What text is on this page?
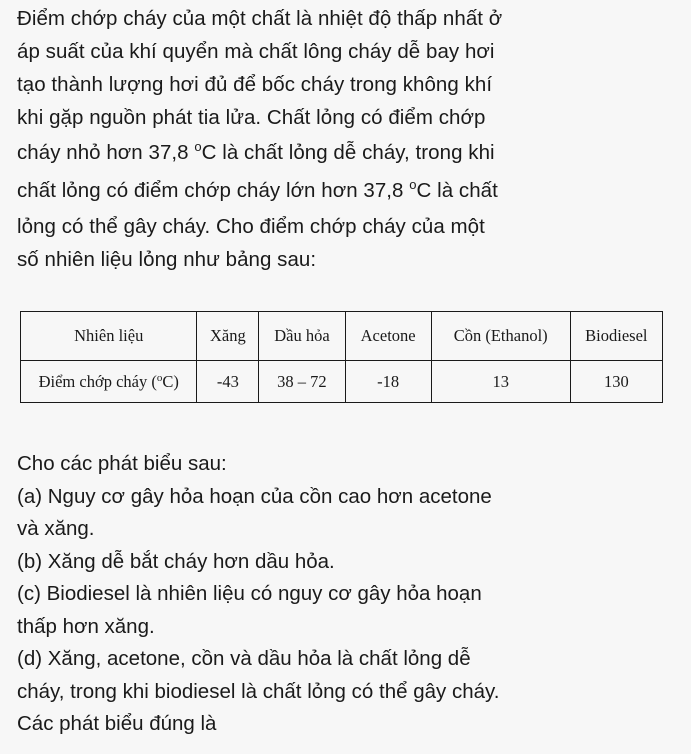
Điểm chớp cháy của một chất là nhiệt độ thấp nhất ở
áp suất của khí quyển mà chất lông cháy dễ bay hơi
tạo thành lượng hơi đủ để bốc cháy trong không khí
khi gặp nguồn phát tia lửa. Chất lỏng có điểm chớp
cháy nhỏ hơn 37,8 $^o$C là chất lỏng dễ cháy, trong khi
chất lỏng có điểm chớp cháy lớn hơn 37,8 $^o$C là chất
lỏng có thể gây cháy. Cho điểm chớp cháy của một
số nhiên liệu lỏng như bảng sau:
Nhiên liệu	Xăng	Dầu hỏa	Acetone	Cồn (Ethanol)	Biodiesel
Điểm chớp cháy ($^o$C)	-43	38 – 72	-18	13	130
Cho các phát biểu sau:
(a) Nguy cơ gây hỏa hoạn của cồn cao hơn acetone
và xăng.
(b) Xăng dễ bắt cháy hơn dầu hỏa.
(c) Biodiesel là nhiên liệu có nguy cơ gây hỏa hoạn
thấp hơn xăng.
(d) Xăng, acetone, cồn và dầu hỏa là chất lỏng dễ
cháy, trong khi biodiesel là chất lỏng có thể gây cháy.
Các phát biểu đúng là
